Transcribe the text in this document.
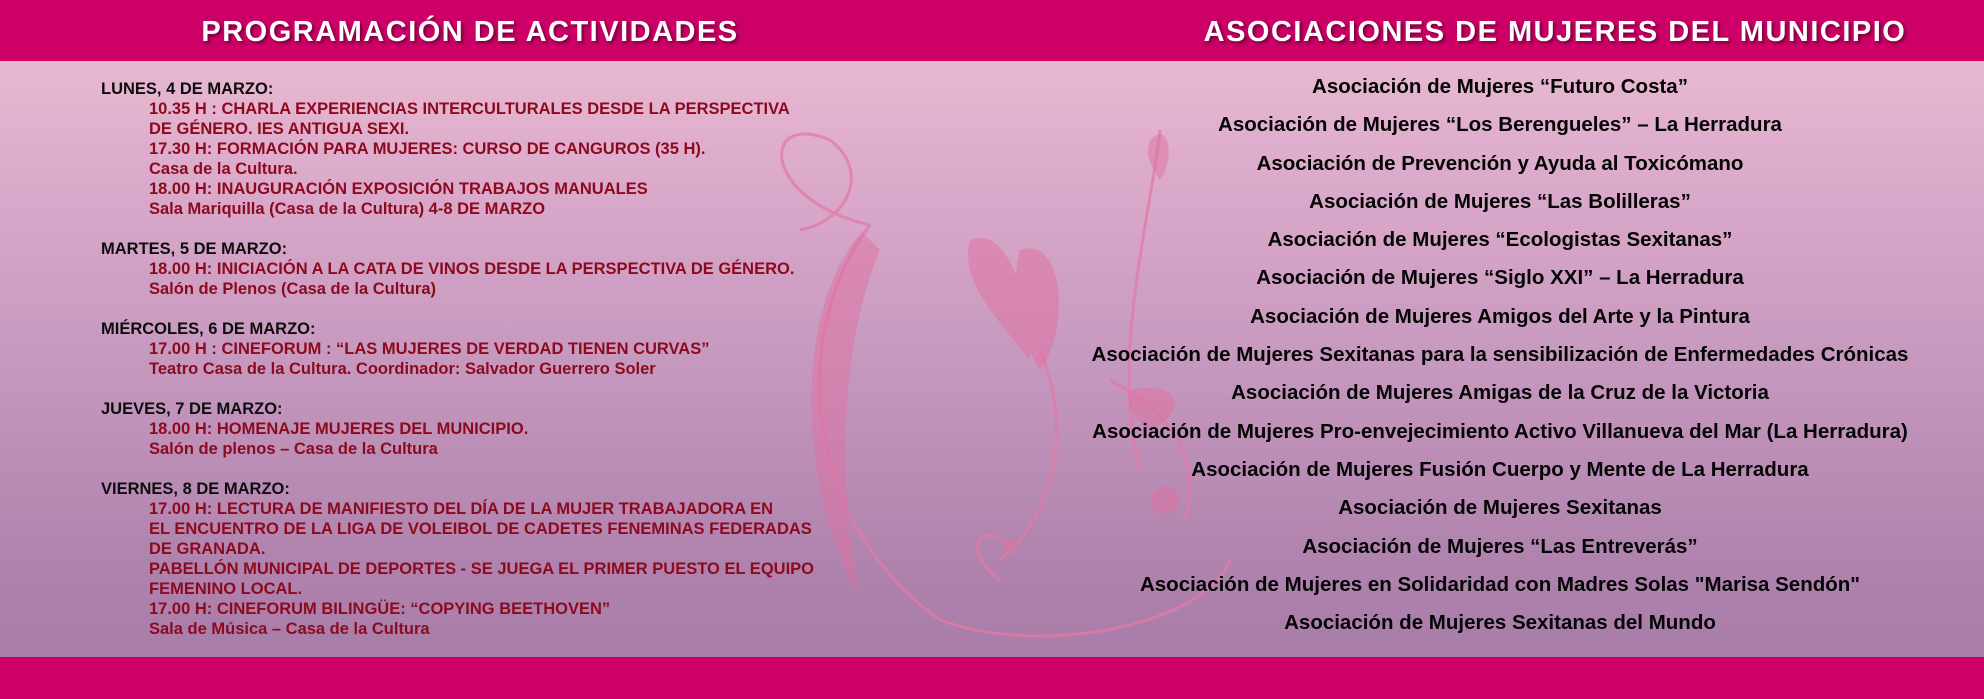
PROGRAMACIÓN DE ACTIVIDADES	ASOCIACIONES DE MUJERES DEL MUNICIPIO
LUNES, 4 DE MARZO:
10.35 H : CHARLA EXPERIENCIAS INTERCULTURALES DESDE LA PERSPECTIVA
DE GÉNERO. IES ANTIGUA SEXI.
17.30 H: FORMACIÓN PARA MUJERES: CURSO DE CANGUROS (35 H).
Casa de la Cultura.
18.00 H: INAUGURACIÓN EXPOSICIÓN TRABAJOS MANUALES
Sala Mariquilla (Casa de la Cultura) 4-8 DE MARZO
MARTES, 5 DE MARZO:
18.00 H: INICIACIÓN A LA CATA DE VINOS DESDE LA PERSPECTIVA DE GÉNERO.
Salón de Plenos (Casa de la Cultura)
MIÉRCOLES, 6 DE MARZO:
17.00 H : CINEFORUM : “LAS MUJERES DE VERDAD TIENEN CURVAS”
Teatro Casa de la Cultura. Coordinador: Salvador Guerrero Soler
JUEVES, 7 DE MARZO:
18.00 H: HOMENAJE MUJERES DEL MUNICIPIO.
Salón de plenos – Casa de la Cultura
VIERNES, 8 DE MARZO:
17.00 H: LECTURA DE MANIFIESTO DEL DÍA DE LA MUJER TRABAJADORA EN
EL ENCUENTRO DE LA LIGA DE VOLEIBOL DE CADETES FENEMINAS FEDERADAS
DE GRANADA.
PABELLÓN MUNICIPAL DE DEPORTES - SE JUEGA EL PRIMER PUESTO EL EQUIPO
FEMENINO LOCAL.
17.00 H: CINEFORUM BILINGÜE: “COPYING BEETHOVEN”
Sala de Música – Casa de la Cultura
Asociación de Mujeres “Futuro Costa”
Asociación de Mujeres “Los Berengueles” – La Herradura
Asociación de Prevención y Ayuda al Toxicómano
Asociación de Mujeres “Las Bolilleras”
Asociación de Mujeres “Ecologistas Sexitanas”
Asociación de Mujeres “Siglo XXI” – La Herradura
Asociación de Mujeres Amigos del Arte y la Pintura
Asociación de Mujeres Sexitanas para la sensibilización de Enfermedades Crónicas
Asociación de Mujeres Amigas de la Cruz de la Victoria
Asociación de Mujeres Pro-envejecimiento Activo Villanueva del Mar (La Herradura)
Asociación de Mujeres Fusión Cuerpo y Mente de La Herradura
Asociación de Mujeres Sexitanas
Asociación de Mujeres “Las Entreverás”
Asociación de Mujeres en Solidaridad con Madres Solas "Marisa Sendón"
Asociación de Mujeres Sexitanas del Mundo
